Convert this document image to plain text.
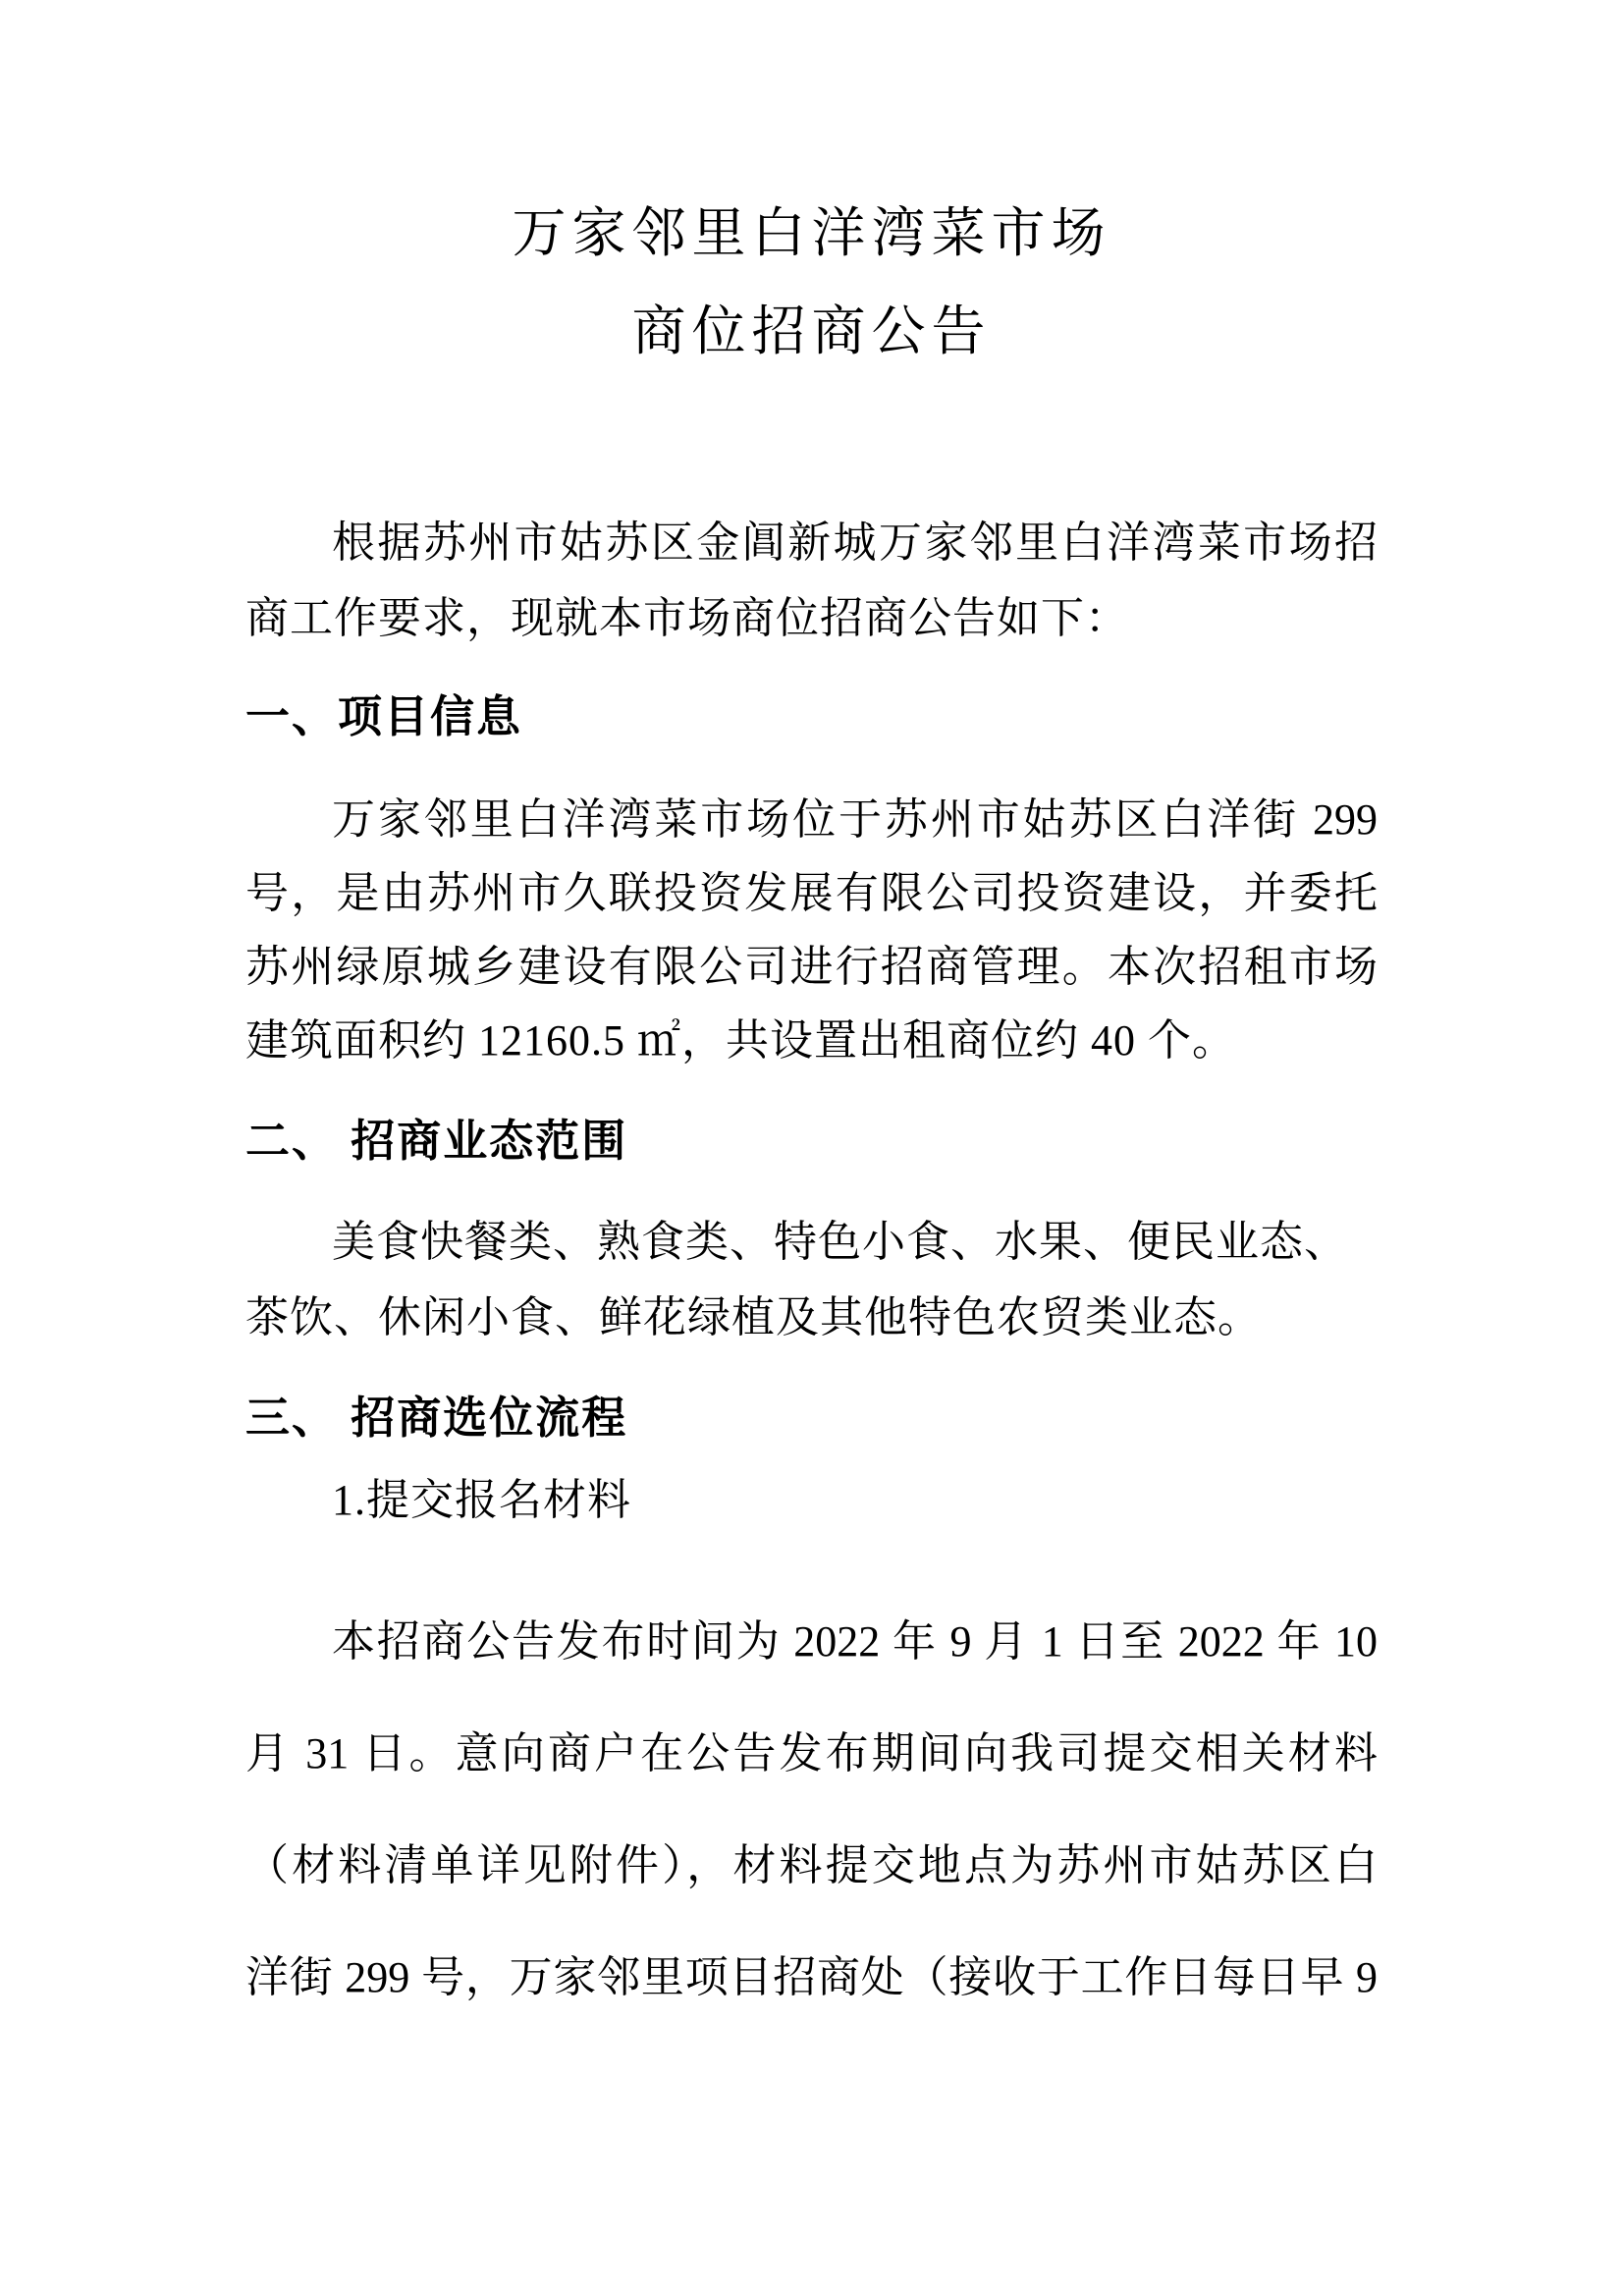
万家邻里白洋湾菜市场
商位招商公告
根据苏州市姑苏区金阊新城万家邻里白洋湾菜市场招
商工作要求，现就本市场商位招商公告如下：
一、项目信息
万家邻里白洋湾菜市场位于苏州市姑苏区白洋街 299
号，是由苏州市久联投资发展有限公司投资建设，并委托
苏州绿原城乡建设有限公司进行招商管理。本次招租市场
建筑面积约 12160.5 ㎡，共设置出租商位约 40 个。
二、 招商业态范围
美食快餐类、熟食类、特色小食、水果、便民业态、
茶饮、休闲小食、鲜花绿植及其他特色农贸类业态。
三、 招商选位流程
1.提交报名材料
本招商公告发布时间为 2022 年 9 月 1 日至 2022 年 10
月 31 日。意向商户在公告发布期间向我司提交相关材料
（材料清单详见附件），材料提交地点为苏州市姑苏区白
洋街 299 号，万家邻里项目招商处（接收于工作日每日早 9
